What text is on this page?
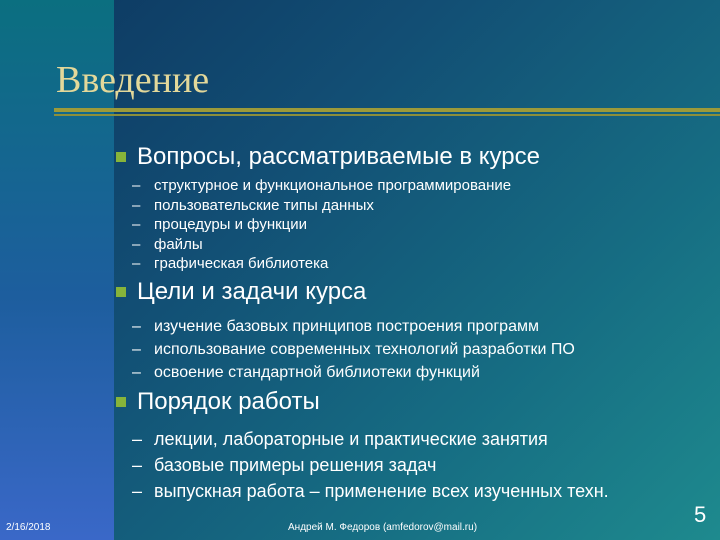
Введение
Вопросы, рассматриваемые в курсе
– структурное и функциональное программирование
– пользовательские типы данных
– процедуры и функции
– файлы
– графическая библиотека
Цели и задачи курса
– изучение базовых принципов построения программ
– использование современных технологий разработки ПО
– освоение стандартной библиотеки функций
Порядок работы
– лекции, лабораторные и практические занятия
– базовые примеры решения задач
– выпускная работа – применение всех изученных техн.
2/16/2018	Андрей М. Федоров (amfedorov@mail.ru)
5
